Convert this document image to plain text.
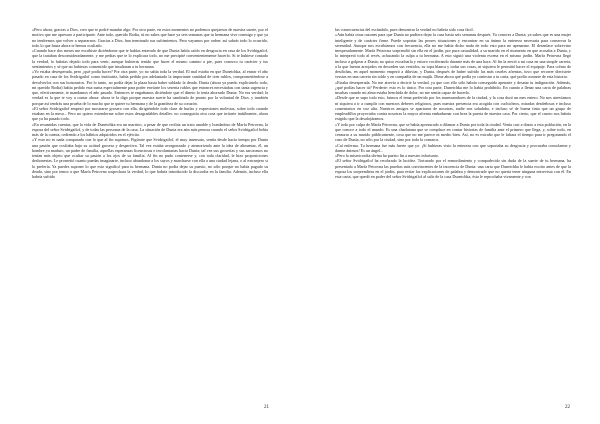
»Pero ahora, gracias a Dios, creo que te podré mandar algo. Por otra parte, en estos momentos no podemos quejarnos de nuestra suerte, por el motivo que me apresuro a participarte. Ante todo, querido Rodia, tú no sabes que hace ya seis semanas que tu hermana vive conmigo y que ya no tendremos que volver a separarnos. Gracias a Dios, han terminado sus sufrimientos. Pero vayamos por orden: así sabrás todo lo ocurrido, todo lo que hasta ahora te hemos ocultado.

»Cuando hace dos meses me escribiste diciéndome que te habías enterado de que Dunia había caído en desgracia en casa de los Svidrigailof, que la trataban desconsideradamente, y me pedías que te lo explicara todo, no me precipité convenientemente hacerlo. Si te hubiese contado la verdad, lo habrías dejado todo para venir, aunque hubieras tenido que hacer el mismo camino a pie, pues conozco tu carácter y tus sentimientos y sé que no hubieras consentido que insultaran a tu hermana.

»Yo estaba desesperada, pero ¿qué podía hacer? Por otra parte, yo no sabía toda la verdad. El mal estaba en que Dunetchka, al entrar el año pasado en casa de los Svidrigailof como institutriz, había pedido por adelantado la importante cantidad de cien rublos, comprometiéndose a devolverlos con sus honorarios. Por lo tanto, no podía dejar la plaza hasta haber saldado la deuda. Dunia (ahora ya puedo explicártelo todo, mi querido Rodia) había pedido esta suma especialmente para poder enviarte los sesenta rublos que entonces necesitabas con tanta urgencia y que, efectivamente, te mandamos el año pasado. Entonces te engañamos diciéndote que el dinero lo tenía ahorrado Dunia. No era verdad; la verdad es la que te voy a contar ahora: ahora te la digo porque nuestra suerte ha cambiado de pronto por la voluntad de Dios, y también porque así tendrás una prueba de lo mucho que te quiere tu hermana y de la grandeza de su corazón.

»El señor Svidrigailof empezó por mostrarse grosero con ella, dirigiéndole toda clase de burlas y expresiones molestas, sobre todo cuando estaban en la mesa... Pero no quiero extenderme sobre estos desagradables detalles: no conseguiría otra cosa que irritarte inútilmente, ahora que ya ha pasado todo.

»En resumidas cuentas, que la vida de Dunetchka era un martirio, a pesar de que recibía un trato amable y bondadoso de Marfa Petrovna, la esposa del señor Svidrigailof, y de todas las personas de la casa. La situación de Dunia era aún más penosa cuando el señor Svidrigailof bebía más de la cuenta, cediendo a los hábitos adquiridos en el ejército.

»Y esto no es nada comparado con lo que al fin supimos. Figúrate que Svidrigailof, el muy insensato, sentía desde hacía tiempo por Dunia una pasión que ocultaba bajo su actitud grosera y despectiva. Tal vez estaba avergonzado y atemorizado ante la idea de alimentar, él, un hombre ya maduro, un padre de familia, aquellas esperanzas licenciosas e involuntarias hacia Dunia; tal vez sus groserías y sus sarcasmos no tenían más objeto que ocultar su pasión a los ojos de su familia. Al fin no pudo contenerse y, con toda claridad, le hizo proposiciones deshonestas. Le prometió cuanto puedas imaginarte, incluso abandonar a los suyos y marcharse con ella a una ciudad lejana, o al extranjero si lo prefería. Ya puedes suponer lo que esto significó para tu hermana. Dunia no podía dejar su puesto, no sólo porque no había pagado su deuda, sino por temor a que Marfa Petrovna sospechara la verdad, lo que habría introducido la discordia en la familia. Además, incluso ella habría sufrido

21

las consecuencias del escándalo, pues demostrar la verdad no habría sido cosa fácil.

»Aún había otras razones para que Dunia no pudiera dejar la casa hasta seis semanas después. Ya conoces a Dunia, ya sabes que es una mujer inteligente y de carácter firme. Puede soportar las peores situaciones y encontrar en su ánimo la entereza necesaria para conservar la serenidad. Aunque nos escribíamos con frecuencia, ella no me había dicho nada de todo esto para no apenarme. El desenlace sobrevino inesperadamente. Marfa Petrovna sorprendió sin ella en el jardín, por pura casualidad, a su marido en el momento en que acosaba a Dunia, y lo interpretó todo al revés, achacando la culpa a tu hermana. A esto siguió una violenta escena en el mismo jardín. Marfa Petrovna llegó incluso a golpear a Dunia; no quiso escucharla y estuvo vociferando durante más de una hora. Al fin la envió a mi casa en una simple carreta, a la que fueron arrojados en desorden sus vestidos, su ropa blanca y todas sus cosas, ni siquiera le permitió hacer el equipaje. Para colmo de desdichas, en aquel momento empezó a diluviar, y Dunia, después de haber sufrido las más crueles afrentas, tuvo que recorrer diecisiete verstas en una carreta sin toldo y en compañía de un mujik. Dime ahora qué podía yo contestar a tu carta, qué podía contarte de esta historia.

»Estaba desesperada. No me atrevía a decirte la verdad, ya que con ello sólo habría conseguido apenarte y desatar tu indignación. Además, ¿qué podías hacer tú? Perderte: esto es lo único. Por otra parte, Dunetchka me lo había prohibido. En cuanto a llenar una carta de palabras insulsas cuando mi alma estaba henchida de dolor, no me sentía capaz de hacerlo.

»Desde que se supo todo esto, fuimos el tema preferido por los murmuradores de la ciudad, y la cosa duró un mes entero. No nos atrevíamos ni siquiera a ir a cumplir con nuestros deberes religiosos, pues nuestra presencia era acogida con cuchicheos, miradas desdeñosas e incluso comentarios en voz alta. Nuestros amigos se apartaron de nosotras, nadie nos saludaba, e incluso sé de buena tinta que un grupo de empleadillos proyectaba contra nosotras la mayor afrenta embadurnar con brea la puerta de nuestra casa. Por cierto, que el casero nos habría exigido que la desalojáramos.

»Y todo por culpa de Marfa Petrovna, que se había apresurado a difamar a Dunia por toda la ciudad. Venía casi a diario a esta población, en la que conoce a todo el mundo. Es una charlatana que se complace en contar historias de familia ante el primero que llega, y, sobre todo, en censurar a su marido públicamente, cosa que no me parece ni medio bien. Así, no es extraño que le faltara el tiempo para ir pregonando el caso de Dunia, no sólo por la ciudad, sino por toda la comarca.

»Caí enferma. Tu hermana fue más fuerte que yo. ¡Si hubieras visto la entereza con que soportaba su desgracia y procuraba consolarme y darme ánimos! Es un ángel...

»Pero la misericordia divina ha puesto fin a nuestro infortunio.

»El señor Svidrigailof ha recobrado la lucidez. Torturado por el remordimiento y compadecido sin duda de la suerte de tu hermana, ha presentado a Marfa Petrovna las pruebas más convincentes de la inocencia de Dunia: una carta que Dunetchka le había escrito antes de que la esposa los sorprendiera en el jardín, para evitar las explicaciones de palabra y demostrarle que no quería tener ninguna entrevista con él. En esta carta, que quedó en poder del señor Svidrigailof al salir de la casa Dunetchka, ésta le reprochaba vivamente y con

22
